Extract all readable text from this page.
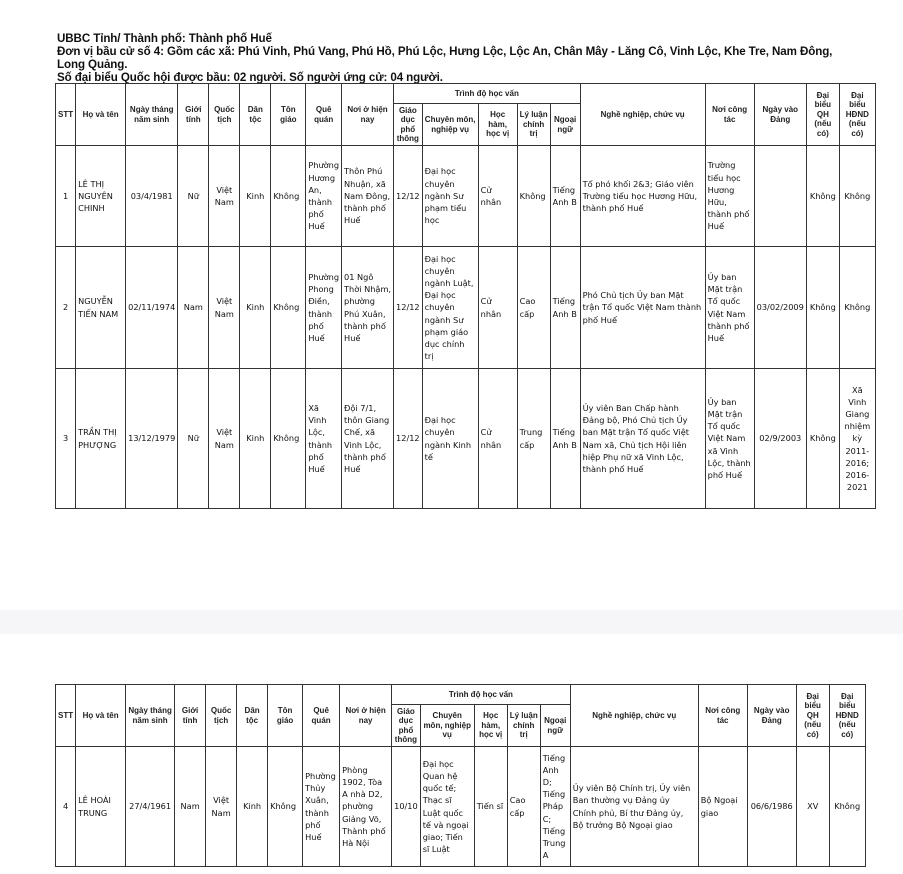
UBBC Tỉnh/ Thành phố: Thành phố Huế
Đơn vị bầu cử số 4: Gồm các xã: Phú Vinh, Phú Vang, Phú Hồ, Phú Lộc, Hưng Lộc, Lộc An, Chân Mây - Lăng Cô, Vinh Lộc, Khe Tre, Nam Đông, Long Quảng.
Số đại biểu Quốc hội được bầu: 02 người. Số người ứng cử: 04 người.
STT	Họ và tên	Ngày tháng năm sinh	Giới tính	Quốc tịch	Dân tộc	Tôn giáo	Quê quán	Nơi ở hiện nay	Trình độ học vấn					Nghề nghiệp, chức vụ	Nơi công tác	Ngày vào Đảng	Đại biểu QH (nếu có)	Đại biểu HĐND (nếu có)
									Giáo dục phổ thông	Chuyên môn, nghiệp vụ	Học hàm, học vị	Lý luận chính trị	Ngoại ngữ					
1	LÊ THỊ NGUYÊN CHINH	03/4/1981	Nữ	Việt Nam	Kinh	Không	Phường Hương An, thành phố Huế	Thôn Phú Nhuận, xã Nam Đông, thành phố Huế	12/12	Đại học chuyên ngành Sư phạm tiểu học	Cử nhân	Không	Tiếng Anh B	Tổ phó khối 2&3; Giáo viên Trường tiểu học Hương Hữu, thành phố Huế	Trường tiểu học Hương Hữu, thành phố Huế		Không	Không
2	NGUYỄN TIẾN NAM	02/11/1974	Nam	Việt Nam	Kinh	Không	Phường Phong Điền, thành phố Huế	01 Ngô Thời Nhậm, phường Phú Xuân, thành phố Huế	12/12	Đại học chuyên ngành Luật, Đại học chuyên ngành Sư phạm giáo dục chính trị	Cử nhân	Cao cấp	Tiếng Anh B	Phó Chủ tịch Ủy ban Mặt trận Tổ quốc Việt Nam thành phố Huế	Ủy ban Mặt trận Tổ quốc Việt Nam thành phố Huế	03/02/2009	Không	Không
3	TRẦN THỊ PHƯỢNG	13/12/1979	Nữ	Việt Nam	Kinh	Không	Xã Vinh Lộc, thành phố Huế	Đội 7/1, thôn Giang Chế, xã Vinh Lộc, thành phố Huế	12/12	Đại học chuyên ngành Kinh tế	Cử nhân	Trung cấp	Tiếng Anh B	Ủy viên Ban Chấp hành Đảng bộ, Phó Chủ tịch Ủy ban Mặt trận Tổ quốc Việt Nam xã, Chủ tịch Hội liên hiệp Phụ nữ xã Vinh Lộc, thành phố Huế	Ủy ban Mặt trận Tổ quốc Việt Nam xã Vinh Lộc, thành phố Huế	02/9/2003	Không	Xã Vinh Giang nhiệm kỳ 2011-2016; 2016-2021
STT	Họ và tên	Ngày tháng năm sinh	Giới tính	Quốc tịch	Dân tộc	Tôn giáo	Quê quán	Nơi ở hiện nay	Trình độ học vấn					Nghề nghiệp, chức vụ	Nơi công tác	Ngày vào Đảng	Đại biểu QH (nếu có)	Đại biểu HĐND (nếu có)
									Giáo dục phổ thông	Chuyên môn, nghiệp vụ	Học hàm, học vị	Lý luận chính trị	Ngoại ngữ					
4	LÊ HOÀI TRUNG	27/4/1961	Nam	Việt Nam	Kinh	Không	Phường Thủy Xuân, thành phố Huế	Phòng 1902, Tòa A nhà D2, phường Giảng Võ, Thành phố Hà Nội	10/10	Đại học Quan hệ quốc tế; Thạc sĩ Luật quốc tế và ngoại giao; Tiến sĩ Luật	Tiến sĩ	Cao cấp	Tiếng Anh D; Tiếng Pháp C; Tiếng Trung A	Ủy viên Bộ Chính trị, Ủy viên Ban thường vụ Đảng ủy Chính phủ, Bí thư Đảng ủy, Bộ trưởng Bộ Ngoại giao	Bộ Ngoại giao	06/6/1986	XV	Không
